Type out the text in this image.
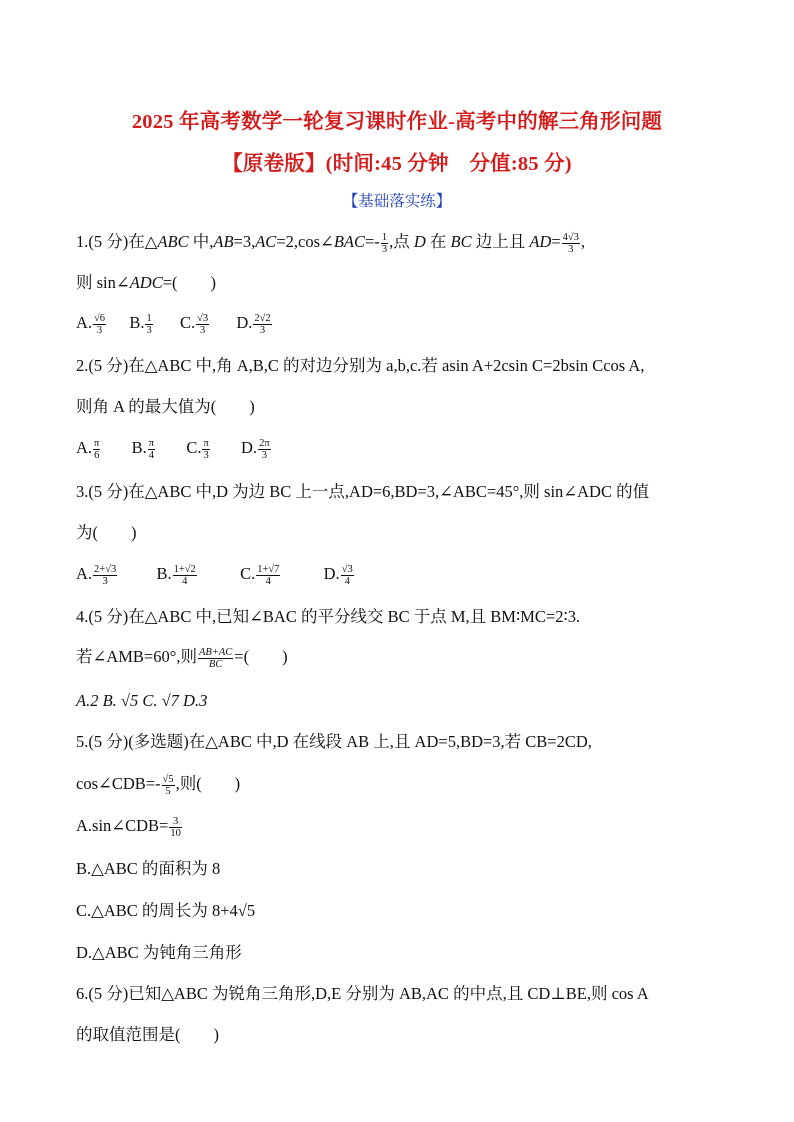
2025 年高考数学一轮复习课时作业-高考中的解三角形问题
【原卷版】(时间:45 分钟　分值:85 分)
【基础落实练】
1.(5 分)在△ABC 中,AB=3,AC=2,cos∠BAC=- $\frac{1}{3}$ ,点 D 在 BC 边上且 $AD= \frac{4√3}{3}$ ,
则 sin∠ADC=(　　)
A. $\frac{√6}{3} B$. $\frac{1}{3} C$. $\frac{√3}{3} D$. $\frac{2√2}{3}$
2.(5 分)在△ABC 中,角 A,B,C 的对边分别为 a,b,c.若 asin A+2csin C=2bsin Ccos A,
则角 A 的最大值为(　　)
A. $\frac{\pi}{6} B$. $\frac{\pi}{4} C$. $\frac{\pi}{3} D$. $\frac{2\pi}{3}$
3.(5 分)在△ABC 中,D 为边 BC 上一点,AD=6,BD=3,∠ABC=45°,则 sin∠ADC 的值
为(　　)
A. $\frac{2+√3}{3} B$. $\frac{1+√2}{4}$	C. $\frac{1+√7}{4}$	D. $\frac{√3}{4}$
4.(5 分)在△ABC 中,已知∠BAC 的平分线交 BC 于点 M,且 BM∶MC=2∶3.
若∠AMB=60°,则 $\frac{AB+AC}{BC}$ =(　　)
A.2 B. √5 C. √7 D.3
5.(5 分)(多选题)在△ABC 中,D 在线段 AB 上,且 AD=5,BD=3,若 CB=2CD,
cos∠CDB=- $\frac{√5}{5}$ ,则(　　)
A.sin∠CDB= $\frac{3}{10}$
B.△ABC 的面积为 8
C.△ABC 的周长为 8+4√5
D.△ABC 为钝角三角形
6.(5 分)已知△ABC 为锐角三角形,D,E 分别为 AB,AC 的中点,且 CD⊥BE,则 cos A
的取值范围是(　　)
